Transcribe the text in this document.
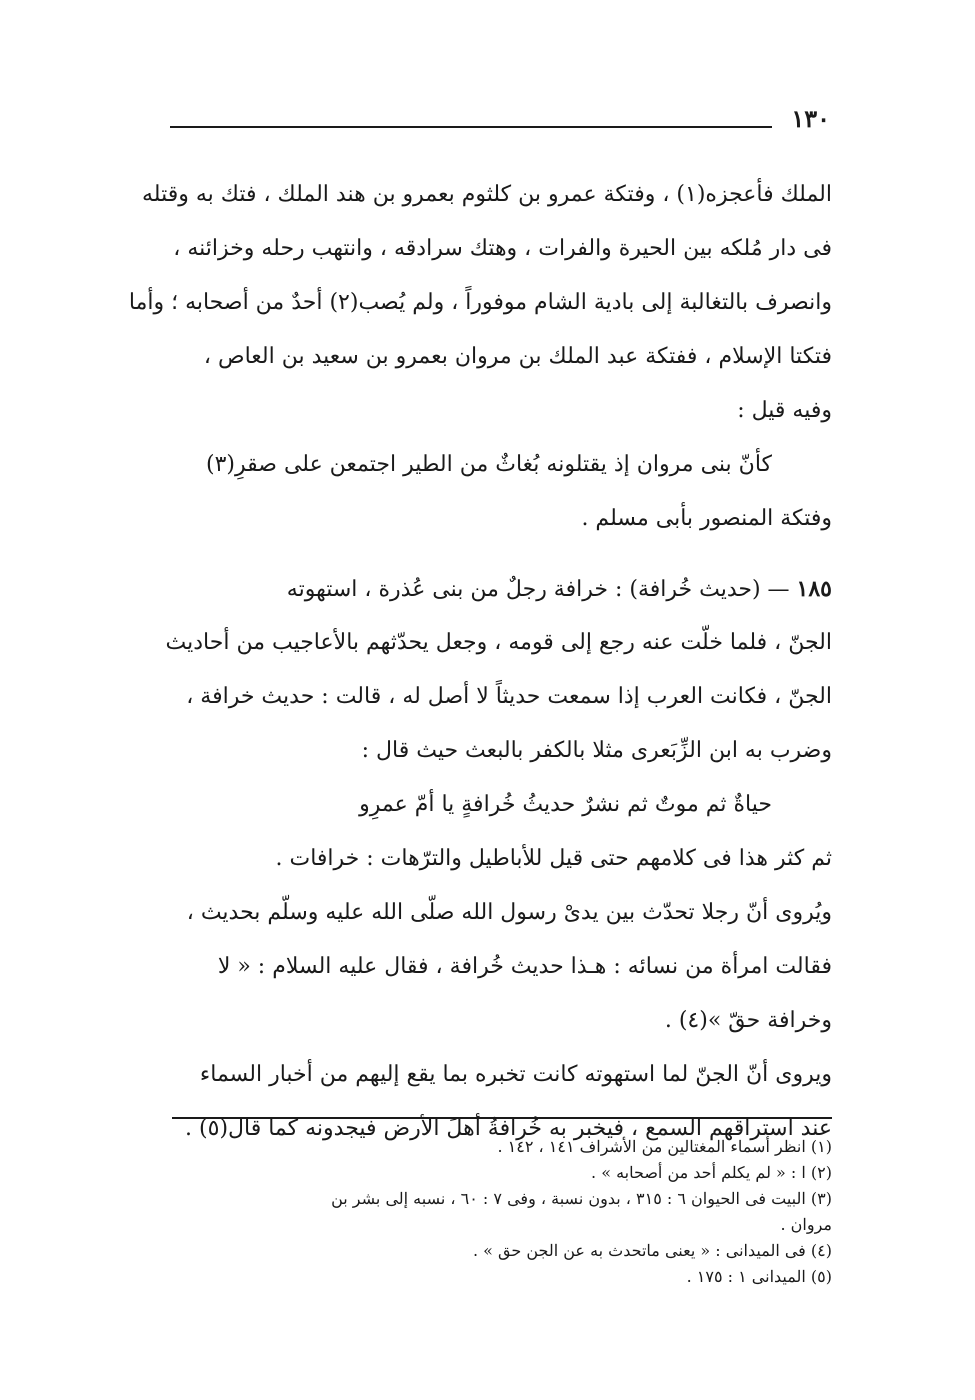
١٣٠
الملك فأعجزه(١) ، وفتكة عمرو بن كلثوم بعمرو بن هند الملك ، فتك به وقتله
فى دار مُلكه بين الحيرة والفرات ، وهتك سرادقه ، وانتهب رحله وخزائنه ،
وانصرف بالتغالبة إلى بادية الشام موفوراً ، ولم يُصب(٢) أحدٌ من أصحابه ؛ وأما
فتكتا الإسلام ، ففتكة عبد الملك بن مروان بعمرو بن سعيد بن العاص ،
وفيه قيل :
كأنّ بنى مروان إذ يقتلونه بُغاثٌ من الطير اجتمعن على صقرِ(٣)
وفتكة المنصور بأبى مسلم .
١٨٥ — (حديث خُرافة) : خرافة رجلٌ من بنى عُذرة ، استهوته
الجنّ ، فلما خلّت عنه رجع إلى قومه ، وجعل يحدّثهم بالأعاجيب من أحاديث
الجنّ ، فكانت العرب إذا سمعت حديثاً لا أصل له ، قالت : حديث خرافة ،
وضرب به ابن الزِّبَعرى مثلا بالكفر بالبعث حيث قال :
حياةٌ ثم موتٌ ثم نشرٌ حديثُ خُرافةٍ يا أمّ عمرِو
ثم كثر هذا فى كلامهم حتى قيل للأباطيل والترّهات : خرافات .
ويُروى أنّ رجلا تحدّث بين يدىْ رسول الله صلّى الله عليه وسلّم بحديث ،
فقالت امرأة من نسائه : هـذا حديث خُرافة ، فقال عليه السلام : « لا
وخرافة حقّ »(٤) .
ويروى أنّ الجنّ لما استهوته كانت تخبره بما يقع إليهم من أخبار السماء
عند استراقهم السمع ، فيخبر به خُرافةُ أهلَ الأرض فيجدونه كما قال(٥) .
(١) انظر أسماء المغتالين من الأشراف ١٤١ ، ١٤٢ .
(٢) ا : « لم يكلم أحد من أصحابه » .
(٣) البيت فى الحيوان ٦ : ٣١٥ ، بدون نسبة ، وفى ٧ : ٦٠ ، نسبه إلى بشر بن
مروان .
(٤) فى الميدانى : « يعنى ماتحدث به عن الجن حق » .
(٥) الميدانى ١ : ١٧٥ .
